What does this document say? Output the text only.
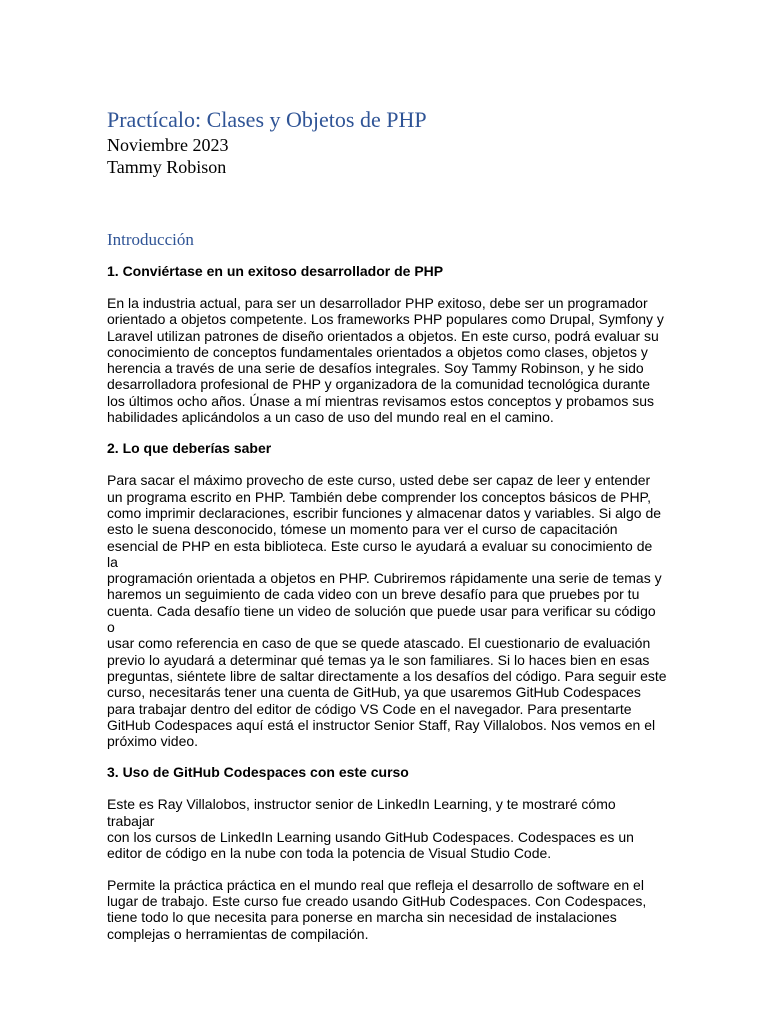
Practícalo: Clases y Objetos de PHP
Noviembre 2023
Tammy Robison
Introducción
1. Conviértase en un exitoso desarrollador de PHP

En la industria actual, para ser un desarrollador PHP exitoso, debe ser un programador
orientado a objetos competente. Los frameworks PHP populares como Drupal, Symfony y
Laravel utilizan patrones de diseño orientados a objetos. En este curso, podrá evaluar su
conocimiento de conceptos fundamentales orientados a objetos como clases, objetos y
herencia a través de una serie de desafíos integrales. Soy Tammy Robinson, y he sido
desarrolladora profesional de PHP y organizadora de la comunidad tecnológica durante
los últimos ocho años. Únase a mí mientras revisamos estos conceptos y probamos sus
habilidades aplicándolos a un caso de uso del mundo real en el camino.

2. Lo que deberías saber

Para sacar el máximo provecho de este curso, usted debe ser capaz de leer y entender
un programa escrito en PHP. También debe comprender los conceptos básicos de PHP,
como imprimir declaraciones, escribir funciones y almacenar datos y variables. Si algo de
esto le suena desconocido, tómese un momento para ver el curso de capacitación
esencial de PHP en esta biblioteca. Este curso le ayudará a evaluar su conocimiento de la
programación orientada a objetos en PHP. Cubriremos rápidamente una serie de temas y
haremos un seguimiento de cada video con un breve desafío para que pruebes por tu
cuenta. Cada desafío tiene un video de solución que puede usar para verificar su código o
usar como referencia en caso de que se quede atascado. El cuestionario de evaluación
previo lo ayudará a determinar qué temas ya le son familiares. Si lo haces bien en esas
preguntas, siéntete libre de saltar directamente a los desafíos del código. Para seguir este
curso, necesitarás tener una cuenta de GitHub, ya que usaremos GitHub Codespaces
para trabajar dentro del editor de código VS Code en el navegador. Para presentarte
GitHub Codespaces aquí está el instructor Senior Staff, Ray Villalobos. Nos vemos en el
próximo video.

3. Uso de GitHub Codespaces con este curso

Este es Ray Villalobos, instructor senior de LinkedIn Learning, y te mostraré cómo trabajar
con los cursos de LinkedIn Learning usando GitHub Codespaces. Codespaces es un
editor de código en la nube con toda la potencia de Visual Studio Code.

Permite la práctica práctica en el mundo real que refleja el desarrollo de software en el
lugar de trabajo. Este curso fue creado usando GitHub Codespaces. Con Codespaces,
tiene todo lo que necesita para ponerse en marcha sin necesidad de instalaciones
complejas o herramientas de compilación.
